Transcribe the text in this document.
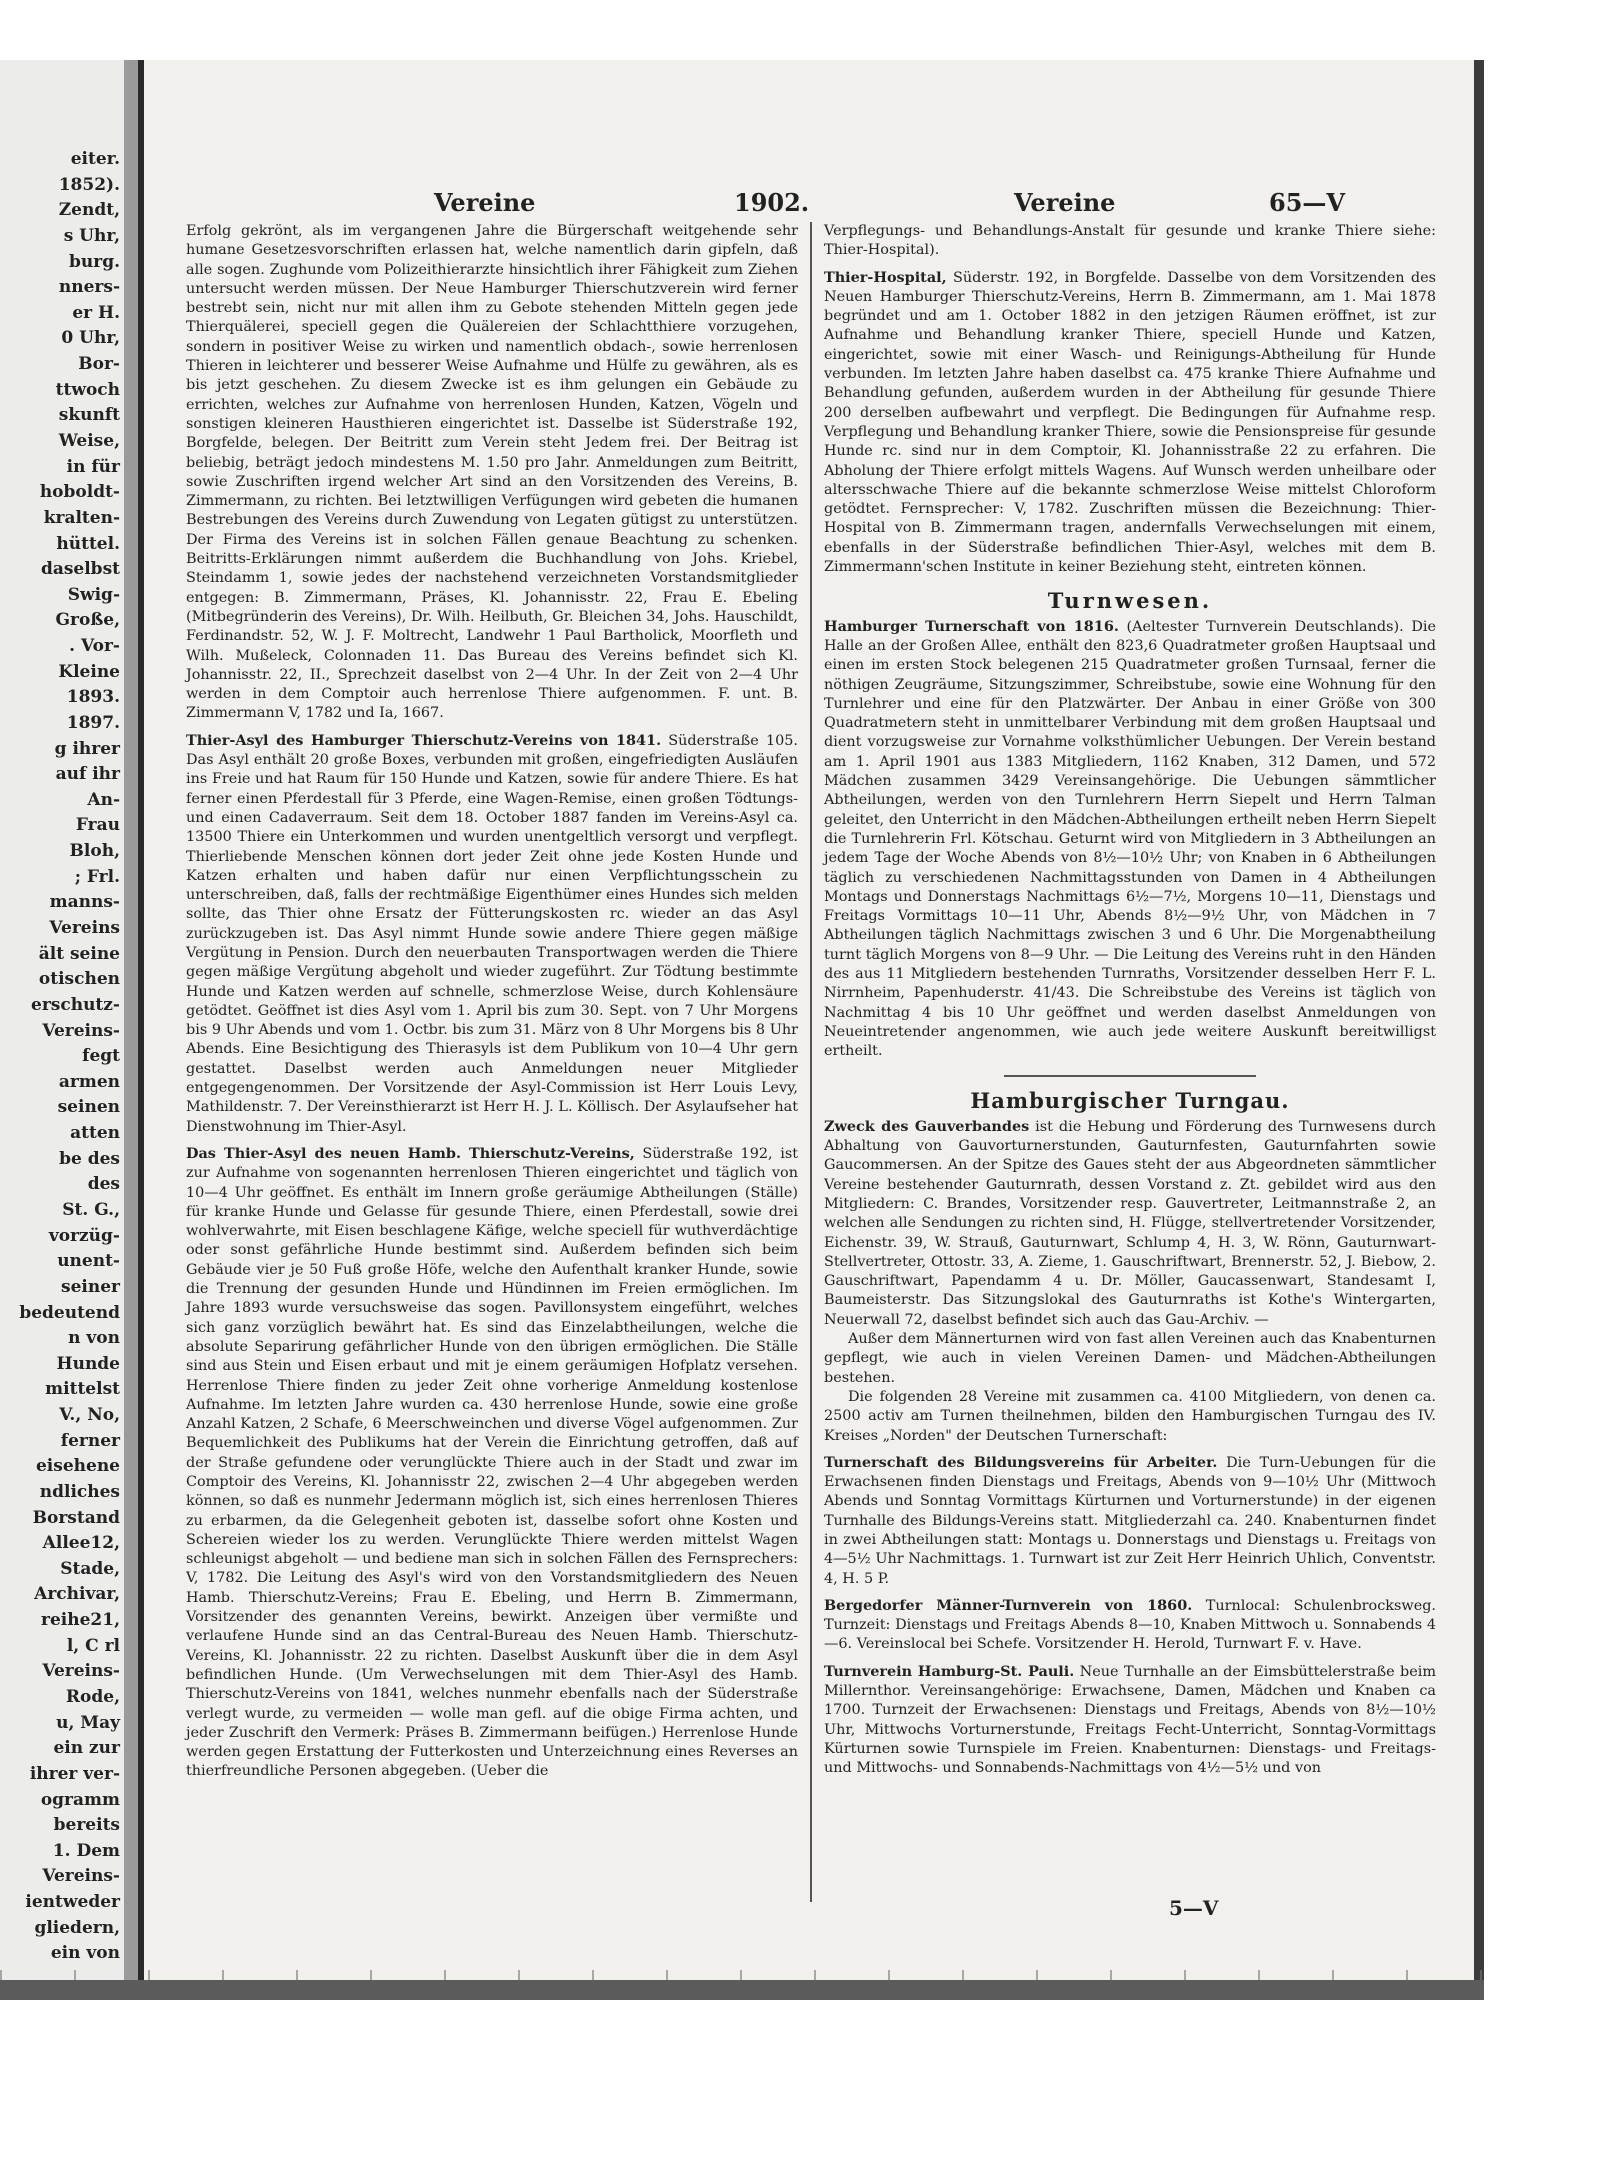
eiter.
1852).
Zendt,
s Uhr,
burg.
nners-
er H.
0 Uhr,
Bor-
ttwoch
skunft
Weise,
in für
hoboldt-
kralten-
hüttel.
daselbst
Swig-
Große,
. Vor-
Kleine
1893.
1897.
g ihrer
auf ihr
An-
Frau
Bloh,
; Frl.
manns-
Vereins
ält seine
otischen
erschutz-
Vereins-
fegt
armen
seinen
atten
be des
des
St. G.,
vorzüg-
unent-
seiner
bedeutend
n von
Hunde
mittelst
V., No,
ferner
eisehene
ndliches
Borstand
Allee12,
Stade,
Archivar,
reihe21,
l, C rl
Vereins-
Rode,
u, May
ein zur
ihrer ver-
ogramm
bereits
1. Dem
Vereins-
ientweder
gliedern,
ein von
Vereine	1902.	Vereine	65—V

Erfolg gekrönt, als im vergangenen Jahre die Bürgerschaft weitgehende sehr humane Gesetzesvorschriften erlassen hat, welche namentlich darin gipfeln, daß alle sogen. Zughunde vom Polizeithierarzte hinsichtlich ihrer Fähigkeit zum Ziehen untersucht werden müssen. Der Neue Hamburger Thierschutzverein wird ferner bestrebt sein, nicht nur mit allen ihm zu Gebote stehenden Mitteln gegen jede Thierquälerei, speciell gegen die Quälereien der Schlachtthiere vorzugehen, sondern in positiver Weise zu wirken und namentlich obdach-, sowie herrenlosen Thieren in leichterer und besserer Weise Aufnahme und Hülfe zu gewähren, als es bis jetzt geschehen. Zu diesem Zwecke ist es ihm gelungen ein Gebäude zu errichten, welches zur Aufnahme von herrenlosen Hunden, Katzen, Vögeln und sonstigen kleineren Hausthieren eingerichtet ist. Dasselbe ist Süderstraße 192, Borgfelde, belegen. Der Beitritt zum Verein steht Jedem frei. Der Beitrag ist beliebig, beträgt jedoch mindestens M. 1.50 pro Jahr. Anmeldungen zum Beitritt, sowie Zuschriften irgend welcher Art sind an den Vorsitzenden des Vereins, B. Zimmermann, zu richten. Bei letztwilligen Verfügungen wird gebeten die humanen Bestrebungen des Vereins durch Zuwendung von Legaten gütigst zu unterstützen. Der Firma des Vereins ist in solchen Fällen genaue Beachtung zu schenken. Beitritts-Erklärungen nimmt außerdem die Buchhandlung von Johs. Kriebel, Steindamm 1, sowie jedes der nachstehend verzeichneten Vorstandsmitglieder entgegen: B. Zimmermann, Präses, Kl. Johannisstr. 22, Frau E. Ebeling (Mitbegründerin des Vereins), Dr. Wilh. Heilbuth, Gr. Bleichen 34, Johs. Hauschildt, Ferdinandstr. 52, W. J. F. Moltrecht, Landwehr 1 Paul Bartholick, Moorfleth und Wilh. Mußeleck, Colonnaden 11. Das Bureau des Vereins befindet sich Kl. Johannisstr. 22, II., Sprechzeit daselbst von 2—4 Uhr. In der Zeit von 2—4 Uhr werden in dem Comptoir auch herrenlose Thiere aufgenommen. F. unt. B. Zimmermann V, 1782 und Ia, 1667.

Thier-Asyl des Hamburger Thierschutz-Vereins von 1841. Süderstraße 105. Das Asyl enthält 20 große Boxes, verbunden mit großen, eingefriedigten Ausläufen ins Freie und hat Raum für 150 Hunde und Katzen, sowie für andere Thiere. Es hat ferner einen Pferdestall für 3 Pferde, eine Wagen-Remise, einen großen Tödtungs- und einen Cadaverraum. Seit dem 18. October 1887 fanden im Vereins-Asyl ca. 13500 Thiere ein Unterkommen und wurden unentgeltlich versorgt und verpflegt. Thierliebende Menschen können dort jeder Zeit ohne jede Kosten Hunde und Katzen erhalten und haben dafür nur einen Verpflichtungsschein zu unterschreiben, daß, falls der rechtmäßige Eigenthümer eines Hundes sich melden sollte, das Thier ohne Ersatz der Fütterungskosten rc. wieder an das Asyl zurückzugeben ist. Das Asyl nimmt Hunde sowie andere Thiere gegen mäßige Vergütung in Pension. Durch den neuerbauten Transportwagen werden die Thiere gegen mäßige Vergütung abgeholt und wieder zugeführt. Zur Tödtung bestimmte Hunde und Katzen werden auf schnelle, schmerzlose Weise, durch Kohlensäure getödtet. Geöffnet ist dies Asyl vom 1. April bis zum 30. Sept. von 7 Uhr Morgens bis 9 Uhr Abends und vom 1. Octbr. bis zum 31. März von 8 Uhr Morgens bis 8 Uhr Abends. Eine Besichtigung des Thierasyls ist dem Publikum von 10—4 Uhr gern gestattet. Daselbst werden auch Anmeldungen neuer Mitglieder entgegengenommen. Der Vorsitzende der Asyl-Commission ist Herr Louis Levy, Mathildenstr. 7. Der Vereinsthierarzt ist Herr H. J. L. Köllisch. Der Asylaufseher hat Dienstwohnung im Thier-Asyl.

Das Thier-Asyl des neuen Hamb. Thierschutz-Vereins, Süderstraße 192, ist zur Aufnahme von sogenannten herrenlosen Thieren eingerichtet und täglich von 10—4 Uhr geöffnet. Es enthält im Innern große geräumige Abtheilungen (Ställe) für kranke Hunde und Gelasse für gesunde Thiere, einen Pferdestall, sowie drei wohlverwahrte, mit Eisen beschlagene Käfige, welche speciell für wuthverdächtige oder sonst gefährliche Hunde bestimmt sind. Außerdem befinden sich beim Gebäude vier je 50 Fuß große Höfe, welche den Aufenthalt kranker Hunde, sowie die Trennung der gesunden Hunde und Hündinnen im Freien ermöglichen. Im Jahre 1893 wurde versuchsweise das sogen. Pavillonsystem eingeführt, welches sich ganz vorzüglich bewährt hat. Es sind das Einzelabtheilungen, welche die absolute Separirung gefährlicher Hunde von den übrigen ermöglichen. Die Ställe sind aus Stein und Eisen erbaut und mit je einem geräumigen Hofplatz versehen. Herrenlose Thiere finden zu jeder Zeit ohne vorherige Anmeldung kostenlose Aufnahme. Im letzten Jahre wurden ca. 430 herrenlose Hunde, sowie eine große Anzahl Katzen, 2 Schafe, 6 Meerschweinchen und diverse Vögel aufgenommen. Zur Bequemlichkeit des Publikums hat der Verein die Einrichtung getroffen, daß auf der Straße gefundene oder verunglückte Thiere auch in der Stadt und zwar im Comptoir des Vereins, Kl. Johannisstr 22, zwischen 2—4 Uhr abgegeben werden können, so daß es nunmehr Jedermann möglich ist, sich eines herrenlosen Thieres zu erbarmen, da die Gelegenheit geboten ist, dasselbe sofort ohne Kosten und Schereien wieder los zu werden. Verunglückte Thiere werden mittelst Wagen schleunigst abgeholt — und bediene man sich in solchen Fällen des Fernsprechers: V, 1782. Die Leitung des Asyl's wird von den Vorstandsmitgliedern des Neuen Hamb. Thierschutz-Vereins; Frau E. Ebeling, und Herrn B. Zimmermann, Vorsitzender des genannten Vereins, bewirkt. Anzeigen über vermißte und verlaufene Hunde sind an das Central-Bureau des Neuen Hamb. Thierschutz-Vereins, Kl. Johannisstr. 22 zu richten. Daselbst Auskunft über die in dem Asyl befindlichen Hunde. (Um Verwechselungen mit dem Thier-Asyl des Hamb. Thierschutz-Vereins von 1841, welches nunmehr ebenfalls nach der Süderstraße verlegt wurde, zu vermeiden — wolle man gefl. auf die obige Firma achten, und jeder Zuschrift den Vermerk: Präses B. Zimmermann beifügen.) Herrenlose Hunde werden gegen Erstattung der Futterkosten und Unterzeichnung eines Reverses an thierfreundliche Personen abgegeben. (Ueber die

Verpflegungs- und Behandlungs-Anstalt für gesunde und kranke Thiere siehe: Thier-Hospital).

Thier-Hospital, Süderstr. 192, in Borgfelde. Dasselbe von dem Vorsitzenden des Neuen Hamburger Thierschutz-Vereins, Herrn B. Zimmermann, am 1. Mai 1878 begründet und am 1. October 1882 in den jetzigen Räumen eröffnet, ist zur Aufnahme und Behandlung kranker Thiere, speciell Hunde und Katzen, eingerichtet, sowie mit einer Wasch- und Reinigungs-Abtheilung für Hunde verbunden. Im letzten Jahre haben daselbst ca. 475 kranke Thiere Aufnahme und Behandlung gefunden, außerdem wurden in der Abtheilung für gesunde Thiere 200 derselben aufbewahrt und verpflegt. Die Bedingungen für Aufnahme resp. Verpflegung und Behandlung kranker Thiere, sowie die Pensionspreise für gesunde Hunde rc. sind nur in dem Comptoir, Kl. Johannisstraße 22 zu erfahren. Die Abholung der Thiere erfolgt mittels Wagens. Auf Wunsch werden unheilbare oder altersschwache Thiere auf die bekannte schmerzlose Weise mittelst Chloroform getödtet. Fernsprecher: V, 1782. Zuschriften müssen die Bezeichnung: Thier-Hospital von B. Zimmermann tragen, andernfalls Verwechselungen mit einem, ebenfalls in der Süderstraße befindlichen Thier-Asyl, welches mit dem B. Zimmermann'schen Institute in keiner Beziehung steht, eintreten können.

Turnwesen.

Hamburger Turnerschaft von 1816. (Aeltester Turnverein Deutschlands). Die Halle an der Großen Allee, enthält den 823,6 Quadratmeter großen Hauptsaal und einen im ersten Stock belegenen 215 Quadratmeter großen Turnsaal, ferner die nöthigen Zeugräume, Sitzungszimmer, Schreibstube, sowie eine Wohnung für den Turnlehrer und eine für den Platzwärter. Der Anbau in einer Größe von 300 Quadratmetern steht in unmittelbarer Verbindung mit dem großen Hauptsaal und dient vorzugsweise zur Vornahme volksthümlicher Uebungen. Der Verein bestand am 1. April 1901 aus 1383 Mitgliedern, 1162 Knaben, 312 Damen, und 572 Mädchen zusammen 3429 Vereinsangehörige. Die Uebungen sämmtlicher Abtheilungen, werden von den Turnlehrern Herrn Siepelt und Herrn Talman geleitet, den Unterricht in den Mädchen-Abtheilungen ertheilt neben Herrn Siepelt die Turnlehrerin Frl. Kötschau. Geturnt wird von Mitgliedern in 3 Abtheilungen an jedem Tage der Woche Abends von 8½—10½ Uhr; von Knaben in 6 Abtheilungen täglich zu verschiedenen Nachmittagsstunden von Damen in 4 Abtheilungen Montags und Donnerstags Nachmittags 6½—7½, Morgens 10—11, Dienstags und Freitags Vormittags 10—11 Uhr, Abends 8½—9½ Uhr, von Mädchen in 7 Abtheilungen täglich Nachmittags zwischen 3 und 6 Uhr. Die Morgenabtheilung turnt täglich Morgens von 8—9 Uhr. — Die Leitung des Vereins ruht in den Händen des aus 11 Mitgliedern bestehenden Turnraths, Vorsitzender desselben Herr F. L. Nirrnheim, Papenhuderstr. 41/43. Die Schreibstube des Vereins ist täglich von Nachmittag 4 bis 10 Uhr geöffnet und werden daselbst Anmeldungen von Neueintretender angenommen, wie auch jede weitere Auskunft bereitwilligst ertheilt.

Hamburgischer Turngau.

Zweck des Gauverbandes ist die Hebung und Förderung des Turnwesens durch Abhaltung von Gauvorturnerstunden, Gauturnfesten, Gauturnfahrten sowie Gaucommersen. An der Spitze des Gaues steht der aus Abgeordneten sämmtlicher Vereine bestehender Gauturnrath, dessen Vorstand z. Zt. gebildet wird aus den Mitgliedern: C. Brandes, Vorsitzender resp. Gauvertreter, Leitmannstraße 2, an welchen alle Sendungen zu richten sind, H. Flügge, stellvertretender Vorsitzender, Eichenstr. 39, W. Strauß, Gauturnwart, Schlump 4, H. 3, W. Rönn, Gauturnwart-Stellvertreter, Ottostr. 33, A. Zieme, 1. Gauschriftwart, Brennerstr. 52, J. Biebow, 2. Gauschriftwart, Papendamm 4 u. Dr. Möller, Gaucassenwart, Standesamt I, Baumeisterstr. Das Sitzungslokal des Gauturnraths ist Kothe's Wintergarten, Neuerwall 72, daselbst befindet sich auch das Gau-Archiv. —

Außer dem Männerturnen wird von fast allen Vereinen auch das Knabenturnen gepflegt, wie auch in vielen Vereinen Damen- und Mädchen-Abtheilungen bestehen.

Die folgenden 28 Vereine mit zusammen ca. 4100 Mitgliedern, von denen ca. 2500 activ am Turnen theilnehmen, bilden den Hamburgischen Turngau des IV. Kreises „Norden" der Deutschen Turnerschaft:

Turnerschaft des Bildungsvereins für Arbeiter. Die Turn-Uebungen für die Erwachsenen finden Dienstags und Freitags, Abends von 9—10½ Uhr (Mittwoch Abends und Sonntag Vormittags Kürturnen und Vorturnerstunde) in der eigenen Turnhalle des Bildungs-Vereins statt. Mitgliederzahl ca. 240. Knabenturnen findet in zwei Abtheilungen statt: Montags u. Donnerstags und Dienstags u. Freitags von 4—5½ Uhr Nachmittags. 1. Turnwart ist zur Zeit Herr Heinrich Uhlich, Conventstr. 4, H. 5 P.

Bergedorfer Männer-Turnverein von 1860. Turnlocal: Schulenbrocksweg. Turnzeit: Dienstags und Freitags Abends 8—10, Knaben Mittwoch u. Sonnabends 4—6. Vereinslocal bei Schefe. Vorsitzender H. Herold, Turnwart F. v. Have.

Turnverein Hamburg-St. Pauli. Neue Turnhalle an der Eimsbüttelerstraße beim Millernthor. Vereinsangehörige: Erwachsene, Damen, Mädchen und Knaben ca 1700. Turnzeit der Erwachsenen: Dienstags und Freitags, Abends von 8½—10½ Uhr, Mittwochs Vorturnerstunde, Freitags Fecht-Unterricht, Sonntag-Vormittags Kürturnen sowie Turnspiele im Freien. Knabenturnen: Dienstags- und Freitags- und Mittwochs- und Sonnabends-Nachmittags von 4½—5½ und von

5—V
